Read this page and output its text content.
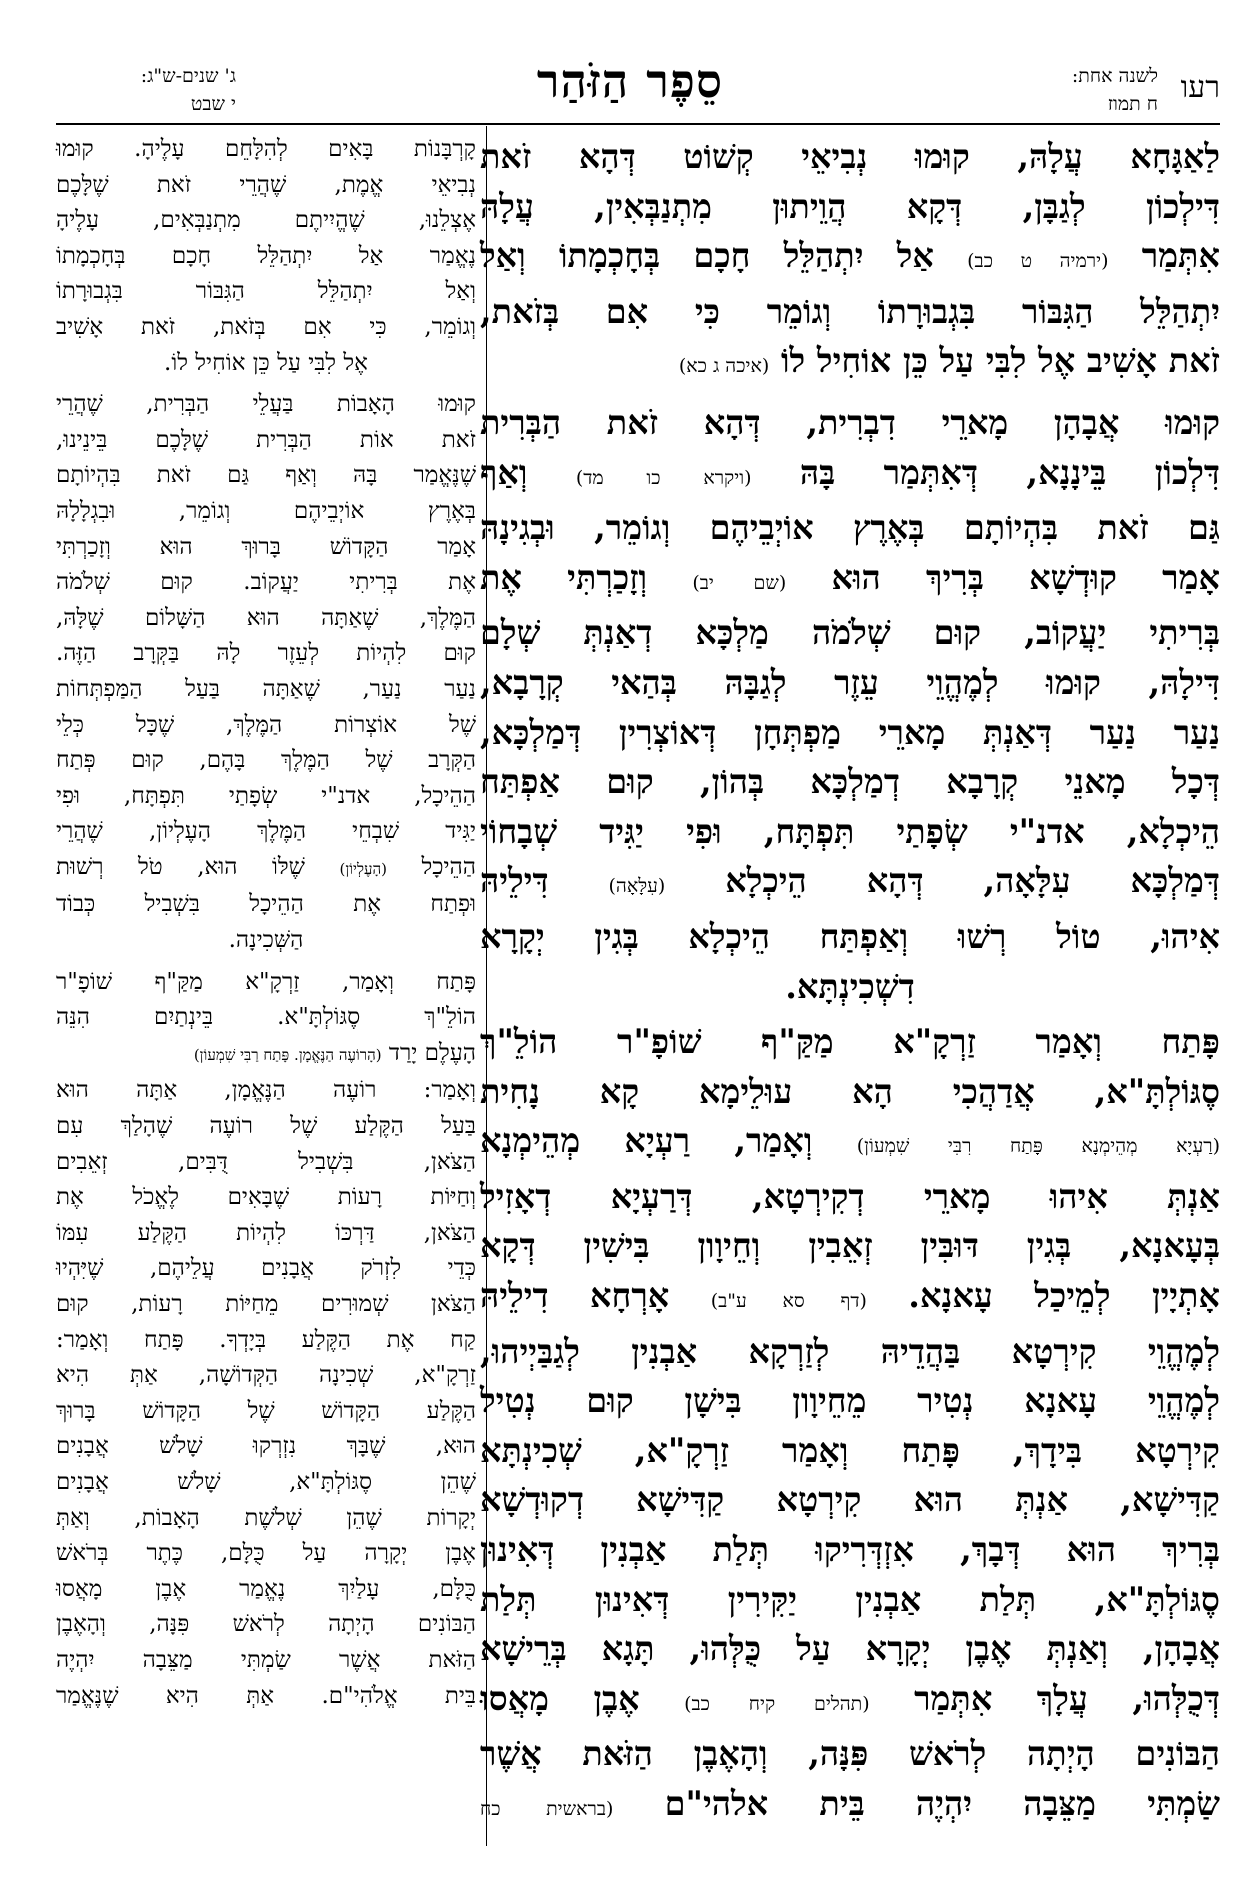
רעו
לשנה אחת:
ח תמוז
סֵפֶר הַזֹּהַר
ג' שנים-ש"ג:
י שבט
לַאַגָּחָא עֲלָהּ, קוּמוּ נְבִיאֵי קְשׁוֹט דְּהָא זֹאת
דִּילְכוֹן לְגַבָּן, דְּקָא הֲוֵיתוּן מִתְנַבְּאִין, עֲלָהּ
אִתְּמַר (ירמיה ט כב) אַל יִתְהַלֵּל חָכָם בְּחָכְמָתוֹ וְאַל
יִתְהַלֵּל הַגִּבּוֹר בִּגְבוּרָתוֹ וְגוֹמֵר כִּי אִם בְּזֹאת,
זֹאת אָשִׁיב אֶל לִבִּי עַל כֵּן אוֹחִיל לוֹ (איכה ג כא)
קוּמוּ אֲבָהָן מָארֵי דִבְרִית, דְּהָא זֹאת הַבְּרִית
דִּלְכוֹן בֵּינָנָא, דְּאִתְּמַר בָּהּ (ויקרא כו מד) וְאַף
גַּם זֹאת בִּהְיוֹתָם בְּאֶרֶץ אוֹיְבֵיהֶם וְגוֹמֵר, וּבְגִינָהּ
אָמַר קוּדְשָׁא בְּרִיךְ הוּא (שם יב) וְזָכַרְתִּי אֶת
בְּרִיתִי יַעֲקוֹב, קוּם שְׁלֹמֹה מַלְכָּא דְאַנְתְּ שְׁלָם
דִּילָהּ, קוּמוּ לְמֶהֱוֵי עֵזֶר לְגַבָּהּ בְּהַאי קְרָבָא,
נַעַר נַעַר דְּאַנְתְּ מָארֵי מַפְתְּחָן דְּאוֹצְרִין דְּמַלְכָּא,
דְּכָל מָאנֵי קְרָבָא דְמַלְכָּא בְּהוֹן, קוּם אַפְתַּח
הֵיכְלָא, אדנ"י שְׂפָתַי תִּפְתָּח, וּפִי יַגִּיד שְׁבָחוֹי
דְּמַלְכָּא עִלָּאָה, דְּהָא הֵיכְלָא (עִלָּאָה) דִּילֵיהּ
אִיהוּ, טוֹל רְשׁוּ וְאַפְתַּח הֵיכְלָא בְּגִין יְקָרָא
דִשְׁכִינְתָּא.
פָּתַח וְאָמַר זַרְקָ"א מַקַּ"ף שׁוֹפָ"ר הוֹלֵ"ךְ
סֶגּוֹלְתָּ"א, אֲדַהֲכִי הָא עוּלֵימָא קָא נָחִית
(רַעְיָא מְהֵימְנָא פָּתַח רִבִּי שִׁמְעוֹן) וְאָמַר, רַעְיָא מְהֵימְנָא
אַנְתְּ אִיהוּ מָארֵי דְקִירְטָא, דְּרַעְיָא דְאָזִיל
בְּעָאנָא, בְּגִין דּוּבִּין זְאֵבִין וְחֵיוָון בִּישִׁין דְּקָא
אָתְיָין לְמֵיכַל עָאנָא. (דף סא ע"ב) אָרְחָא דִילֵיהּ
לְמֶהֱוֵי קִירְטָא בַּהֲדֵיהּ לְזַרְקָא אַבְנִין לְגַבַּיְיהוּ,
לְמֶהֱוֵי עָאנָא נְטִיר מֵחֵיוָון בִּישָׁן קוּם נְטִיל
קִירְטָא בִּידָךְ, פָּתַח וְאָמַר זַרְקָ"א, שְׁכִינְתָּא
קַדִּישָׁא, אַנְתְּ הוּא קִירְטָא קַדִּישָׁא דְקוּדְשָׁא
בְּרִיךְ הוּא דְּבָךְ, אִזְדְּרִיקוּ תְּלַת אַבְנִין דְּאִינוּן
סֶגּוֹלְתָּ"א, תְּלַת אַבְנִין יַקִּירִין דְּאִינוּן תְּלַת
אֲבָהָן, וְאַנְתְּ אֶבֶן יְקָרָא עַל כֻּלְּהוּ, תָּגָא בְּרֵישָׁא
דְּכֻלְּהוּ, עֲלָךְ אִתְּמַר (תהלים קיח כב) אֶבֶן מָאֲסוּ
הַבּוֹנִים הָיְתָה לְרֹאשׁ פִּנָּה, וְהָאֶבֶן הַזֹּאת אֲשֶׁר
שַׂמְתִּי מַצֵּבָה יִהְיֶה בֵּית אלהי"ם (בראשית כח
קָרְבָּנוֹת בָּאִים לְהִלָּחֵם עָלֶיהָ. קוּמוּ
נְבִיאֵי אֱמֶת, שֶׁהֲרֵי זֹאת שֶׁלָּכֶם
אֶצְלֵנוּ, שֶׁהֱיִיתֶם מִתְנַבְּאִים, עָלֶיהָ
נֶאֱמַר אַל יִתְהַלֵּל חָכָם בְּחָכְמָתוֹ
וְאַל יִתְהַלֵּל הַגִּבּוֹר בִּגְבוּרָתוֹ
וְגוֹמֵר, כִּי אִם בְּזֹאת, זֹאת אָשִׁיב
אֶל לִבִּי עַל כֵּן אוֹחִיל לוֹ.
קוּמוּ הָאָבוֹת בַּעֲלֵי הַבְּרִית, שֶׁהֲרֵי
זֹאת אוֹת הַבְּרִית שֶׁלָּכֶם בֵּינֵינוּ,
שֶׁנֶּאֱמַר בָּהּ וְאַף גַּם זֹאת בִּהְיוֹתָם
בְּאֶרֶץ אוֹיְבֵיהֶם וְגוֹמֵר, וּבִגְלָלָהּ
אָמַר הַקָּדוֹשׁ בָּרוּךְ הוּא וְזָכַרְתִּי
אֶת בְּרִיתִי יַעֲקוֹב. קוּם שְׁלֹמֹה
הַמֶּלֶךְ, שֶׁאַתָּה הוּא הַשָּׁלוֹם שֶׁלָּהּ,
קוּם לִהְיוֹת לְעֵזֶר לָהּ בַּקְּרָב הַזֶּה.
נַעַר נַעַר, שֶׁאַתָּה בַּעַל הַמַּפְתְּחוֹת
שֶׁל אוֹצְרוֹת הַמֶּלֶךְ, שֶׁכָּל כְּלֵי
הַקְּרָב שֶׁל הַמֶּלֶךְ בָּהֶם, קוּם פְּתַח
הַהֵיכָל, אדנ"י שְׂפָתַי תִּפְתָּח, וּפִי
יַגִּיד שִׁבְחֵי הַמֶּלֶךְ הָעֶלְיוֹן, שֶׁהֲרֵי
הַהֵיכָל (הָעֶלְיוֹן) שֶׁלּוֹ הוּא, טֹל רְשׁוּת
וּפְתַח אֶת הַהֵיכָל בִּשְׁבִיל כְּבוֹד
הַשְּׁכִינָה.
פָּתַח וְאָמַר, זַרְקָ"א מַקַּ"ף שׁוֹפָ"ר
הוֹלֵ"ךְ סֶגּוֹלְתָּ"א. בֵּינְתַיִם הִנֵּה
הָעֶלֶם יָרַד (הָרוֹעֶה הַנֶּאֱמָן. פָּתַח רַבִּי שִׁמְעוֹן)
וְאָמַר: רוֹעֶה הַנֶּאֱמָן, אַתָּה הוּא
בַּעַל הַקֶּלַע שֶׁל רוֹעֶה שֶׁהָלַךְ עִם
הַצֹּאן, בִּשְׁבִיל דֻּבִּים, זְאֵבִים
וְחַיּוֹת רָעוֹת שֶׁבָּאִים לֶאֱכֹל אֶת
הַצֹּאן, דַּרְכּוֹ לִהְיוֹת הַקֶּלַע עִמּוֹ
כְּדֵי לִזְרֹק אֲבָנִים עֲלֵיהֶם, שֶׁיִּהְיוּ
הַצֹּאן שְׁמוּרִים מֵחַיּוֹת רָעוֹת, קוּם
קַח אֶת הַקֶּלַע בְּיָדְךָ. פָּתַח וְאָמַר:
זַרְקָ"א, שְׁכִינָה הַקְּדוֹשָׁה, אַתְּ הִיא
הַקֶּלַע הַקָּדוֹשׁ שֶׁל הַקָּדוֹשׁ בָּרוּךְ
הוּא, שֶׁבָּךְ נִזְרְקוּ שָׁלֹשׁ אֲבָנִים
שֶׁהֵן סֶגּוֹלְתָּ"א, שָׁלֹשׁ אֲבָנִים
יְקָרוֹת שֶׁהֵן שְׁלֹשֶׁת הָאָבוֹת, וְאַתְּ
אֶבֶן יְקָרָה עַל כֻּלָּם, כֶּתֶר בְּרֹאשׁ
כֻּלָּם, עָלַיִךְ נֶאֱמַר אֶבֶן מָאֲסוּ
הַבּוֹנִים הָיְתָה לְרֹאשׁ פִּנָּה, וְהָאֶבֶן
הַזֹּאת אֲשֶׁר שַׂמְתִּי מַצֵּבָה יִהְיֶה
בֵּית אֱלֹהִי"ם. אַתְּ הִיא שֶׁנֶּאֱמַר
